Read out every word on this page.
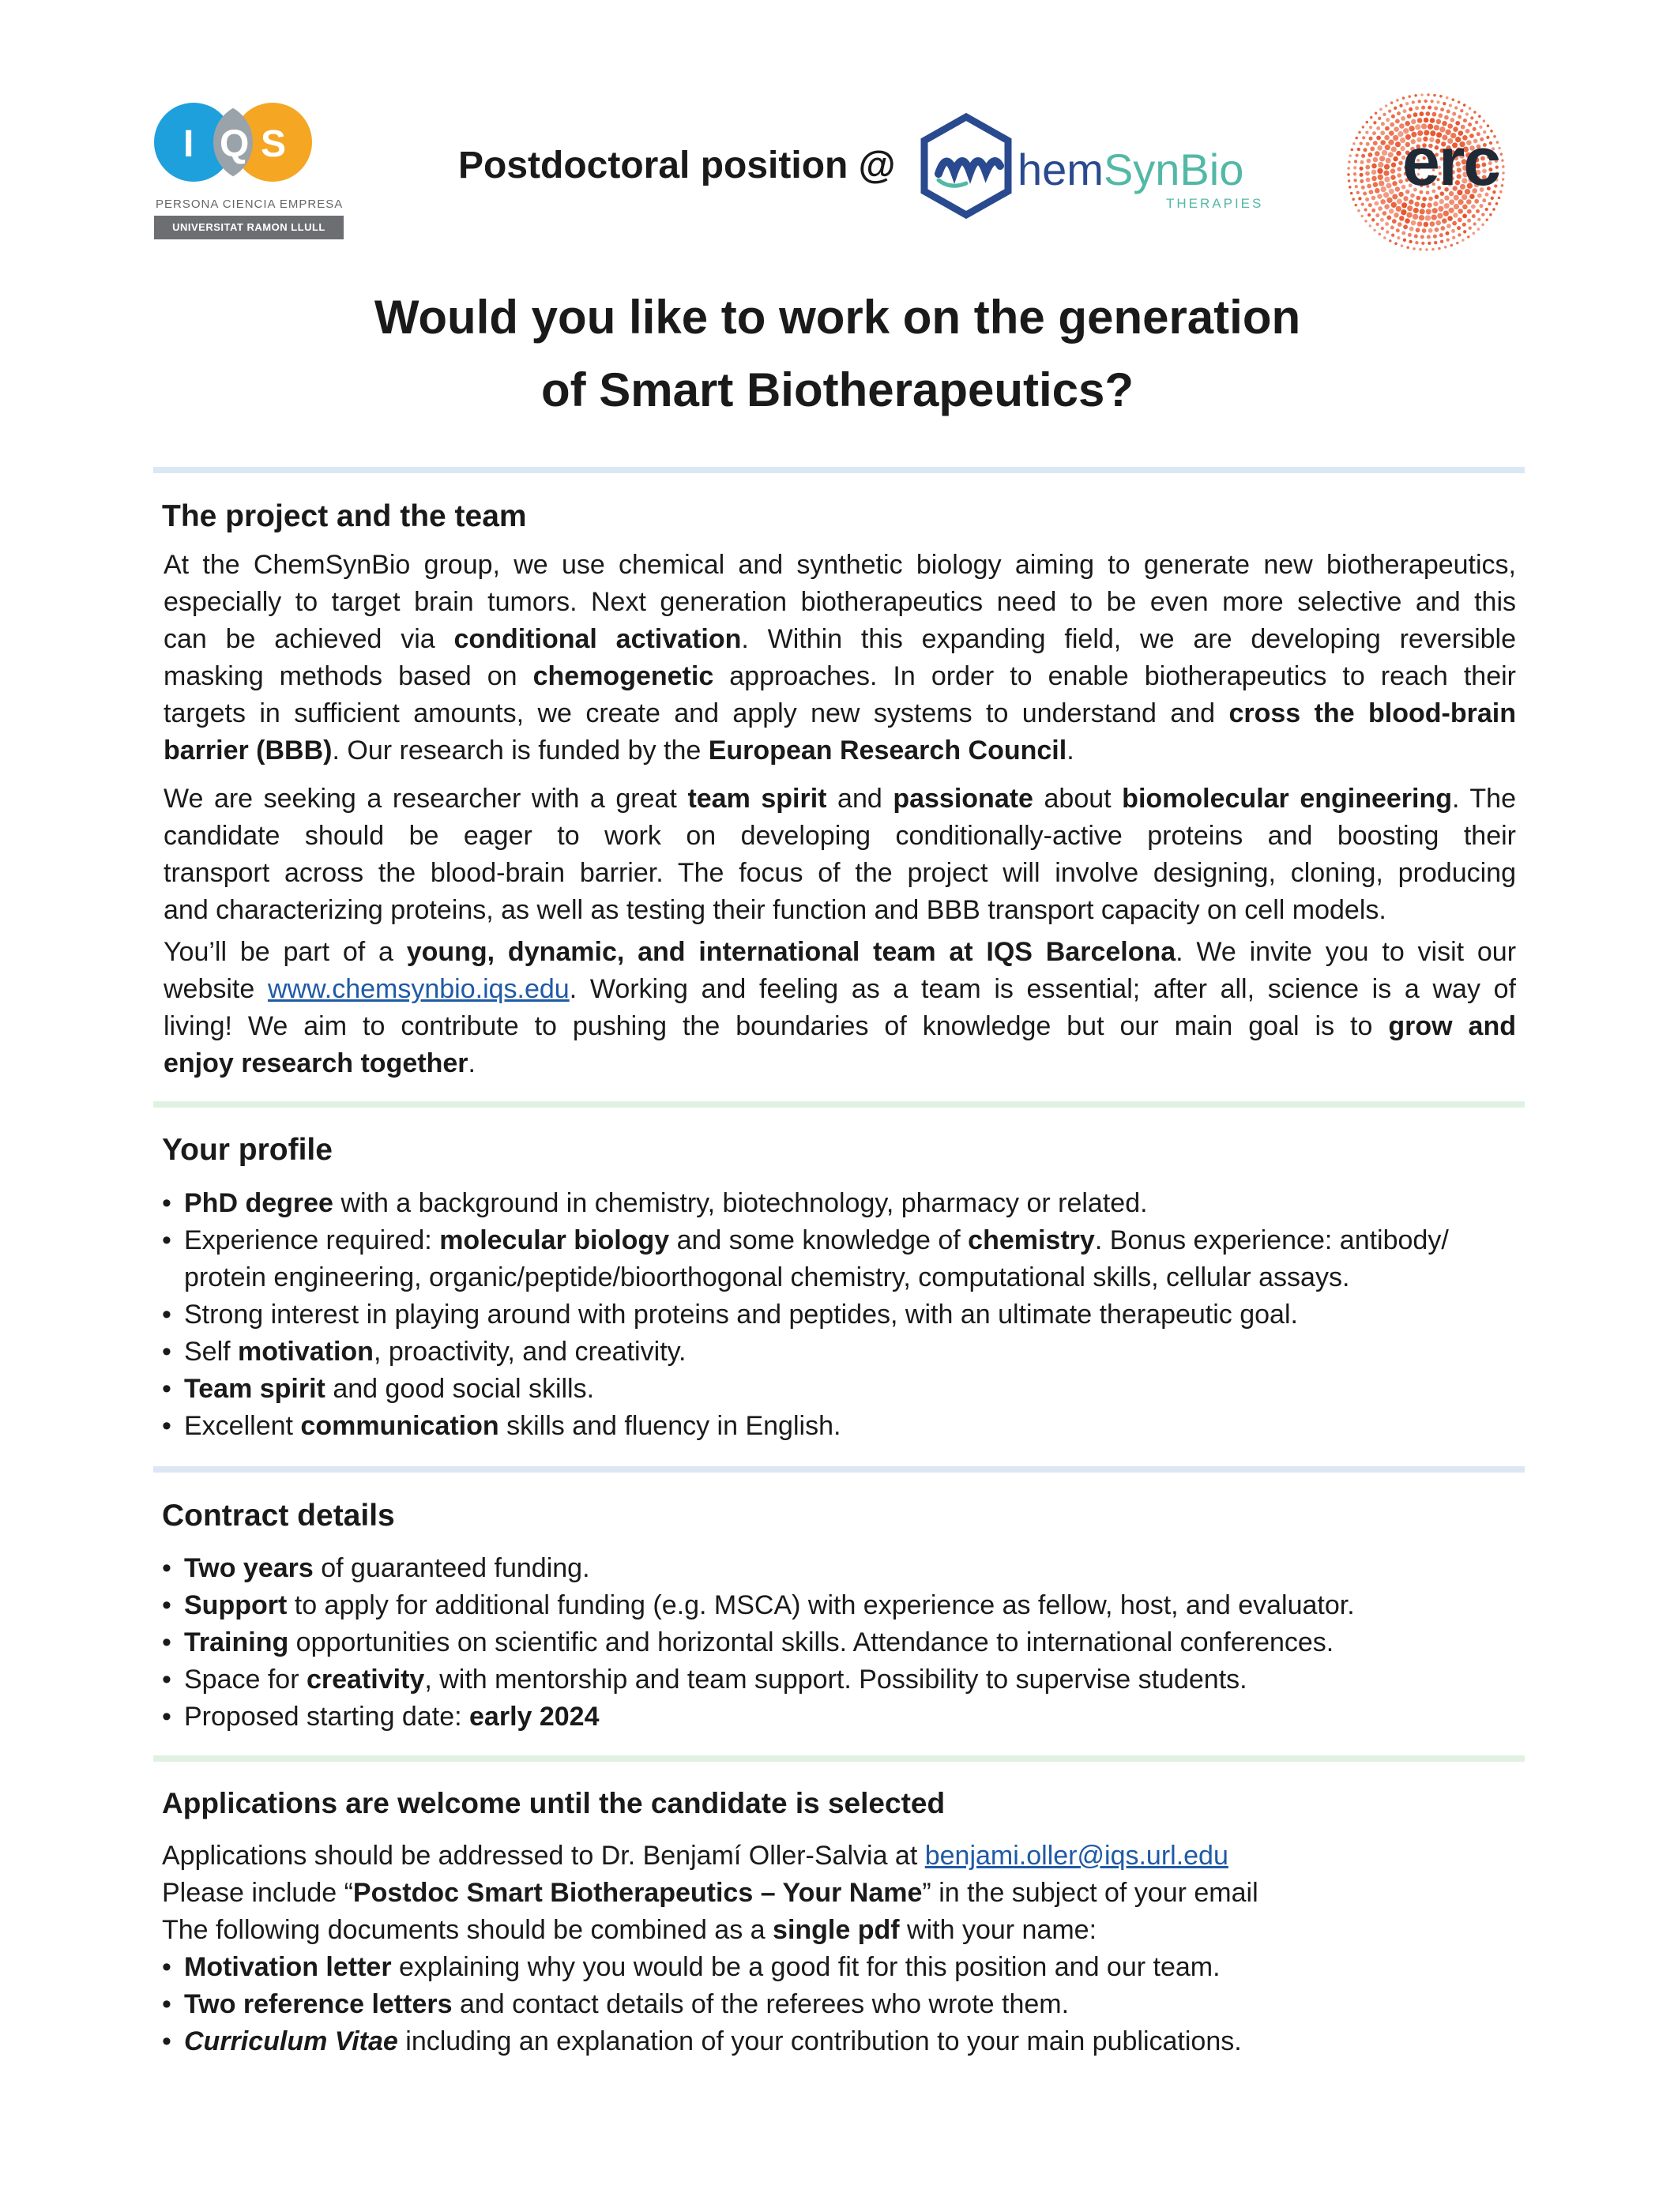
I Q S
PERSONA CIENCIA EMPRESA
UNIVERSITAT RAMON LLULL
Postdoctoral position @	hemSynBio
THERAPIES
erc
Would you like to work on the generation
of Smart Biotherapeutics?
The project and the team
At the ChemSynBio group, we use chemical and synthetic biology aiming to generate new biotherapeutics,
especially to target brain tumors. Next generation biotherapeutics need to be even more selective and this
can be achieved via conditional activation. Within this expanding field, we are developing reversible
masking methods based on chemogenetic approaches. In order to enable biotherapeutics to reach their
targets in sufficient amounts, we create and apply new systems to understand and cross the blood-brain
barrier (BBB). Our research is funded by the European Research Council.
We are seeking a researcher with a great team spirit and passionate about biomolecular engineering. The
candidate should be eager to work on developing conditionally-active proteins and boosting their
transport across the blood-brain barrier. The focus of the project will involve designing, cloning, producing
and characterizing proteins, as well as testing their function and BBB transport capacity on cell models.
You’ll be part of a young, dynamic, and international team at IQS Barcelona. We invite you to visit our
website www.chemsynbio.iqs.edu. Working and feeling as a team is essential; after all, science is a way of
living! We aim to contribute to pushing the boundaries of knowledge but our main goal is to grow and
enjoy research together.
Your profile
• PhD degree with a background in chemistry, biotechnology, pharmacy or related.
• Experience required: molecular biology and some knowledge of chemistry. Bonus experience: antibody/
protein engineering, organic/peptide/bioorthogonal chemistry, computational skills, cellular assays.
• Strong interest in playing around with proteins and peptides, with an ultimate therapeutic goal.
• Self motivation, proactivity, and creativity.
• Team spirit and good social skills.
• Excellent communication skills and fluency in English.
Contract details
• Two years of guaranteed funding.
• Support to apply for additional funding (e.g. MSCA) with experience as fellow, host, and evaluator.
• Training opportunities on scientific and horizontal skills. Attendance to international conferences.
• Space for creativity, with mentorship and team support. Possibility to supervise students.
• Proposed starting date: early 2024
Applications are welcome until the candidate is selected
Applications should be addressed to Dr. Benjamí Oller-Salvia at benjami.oller@iqs.url.edu
Please include “Postdoc Smart Biotherapeutics – Your Name” in the subject of your email
The following documents should be combined as a single pdf with your name:
• Motivation letter explaining why you would be a good fit for this position and our team.
• Two reference letters and contact details of the referees who wrote them.
• Curriculum Vitae including an explanation of your contribution to your main publications.
